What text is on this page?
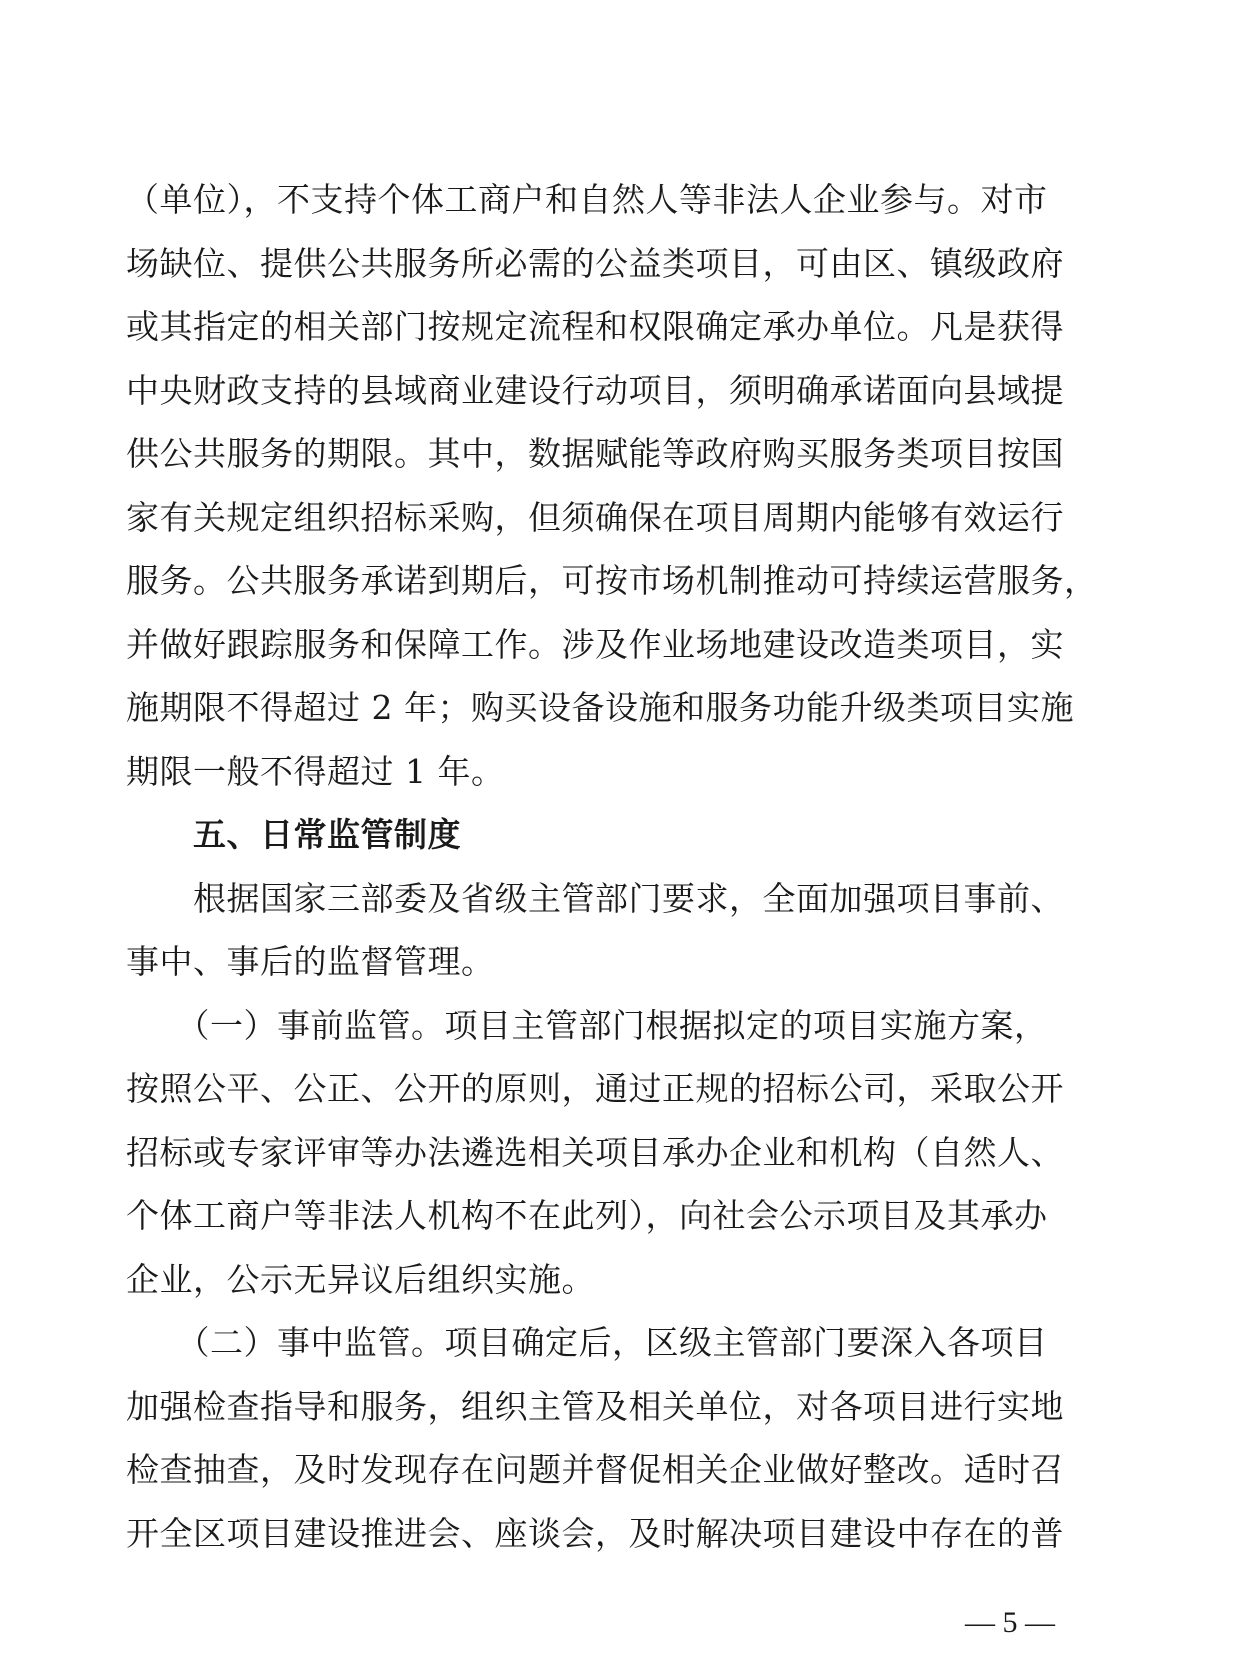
（单位），不支持个体工商户和自然人等非法人企业参与。对市
场缺位、提供公共服务所必需的公益类项目，可由区、镇级政府
或其指定的相关部门按规定流程和权限确定承办单位。凡是获得
中央财政支持的县域商业建设行动项目，须明确承诺面向县域提
供公共服务的期限。其中，数据赋能等政府购买服务类项目按国
家有关规定组织招标采购，但须确保在项目周期内能够有效运行
服务。公共服务承诺到期后，可按市场机制推动可持续运营服务，
并做好跟踪服务和保障工作。涉及作业场地建设改造类项目，实
施期限不得超过 2 年；购买设备设施和服务功能升级类项目实施
期限一般不得超过 1 年。
　　五、日常监管制度
　　根据国家三部委及省级主管部门要求，全面加强项目事前、
事中、事后的监督管理。
　　（一）事前监管。项目主管部门根据拟定的项目实施方案，
按照公平、公正、公开的原则，通过正规的招标公司，采取公开
招标或专家评审等办法遴选相关项目承办企业和机构（自然人、
个体工商户等非法人机构不在此列），向社会公示项目及其承办
企业，公示无异议后组织实施。
　　（二）事中监管。项目确定后，区级主管部门要深入各项目
加强检查指导和服务，组织主管及相关单位，对各项目进行实地
检查抽查，及时发现存在问题并督促相关企业做好整改。适时召
开全区项目建设推进会、座谈会，及时解决项目建设中存在的普
— 5 —
